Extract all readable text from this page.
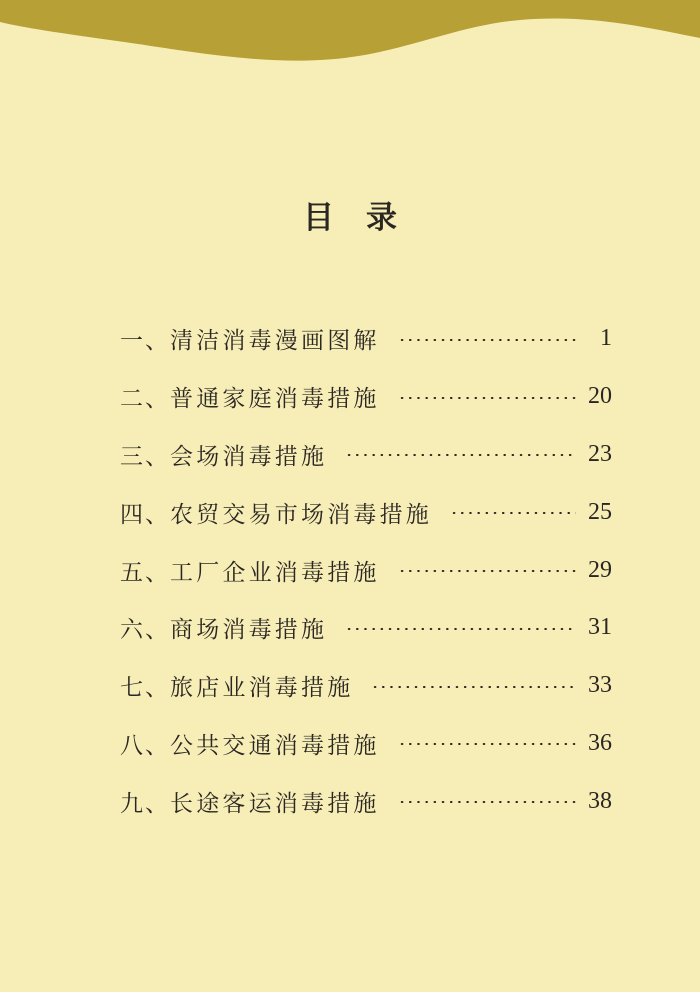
目 录
一、 清洁消毒漫画图解	1
二、 普通家庭消毒措施	20
三、 会场消毒措施	23
四、 农贸交易市场消毒措施	25
五、 工厂企业消毒措施	29
六、 商场消毒措施	31
七、 旅店业消毒措施	33
八、 公共交通消毒措施	36
九、 长途客运消毒措施	38
